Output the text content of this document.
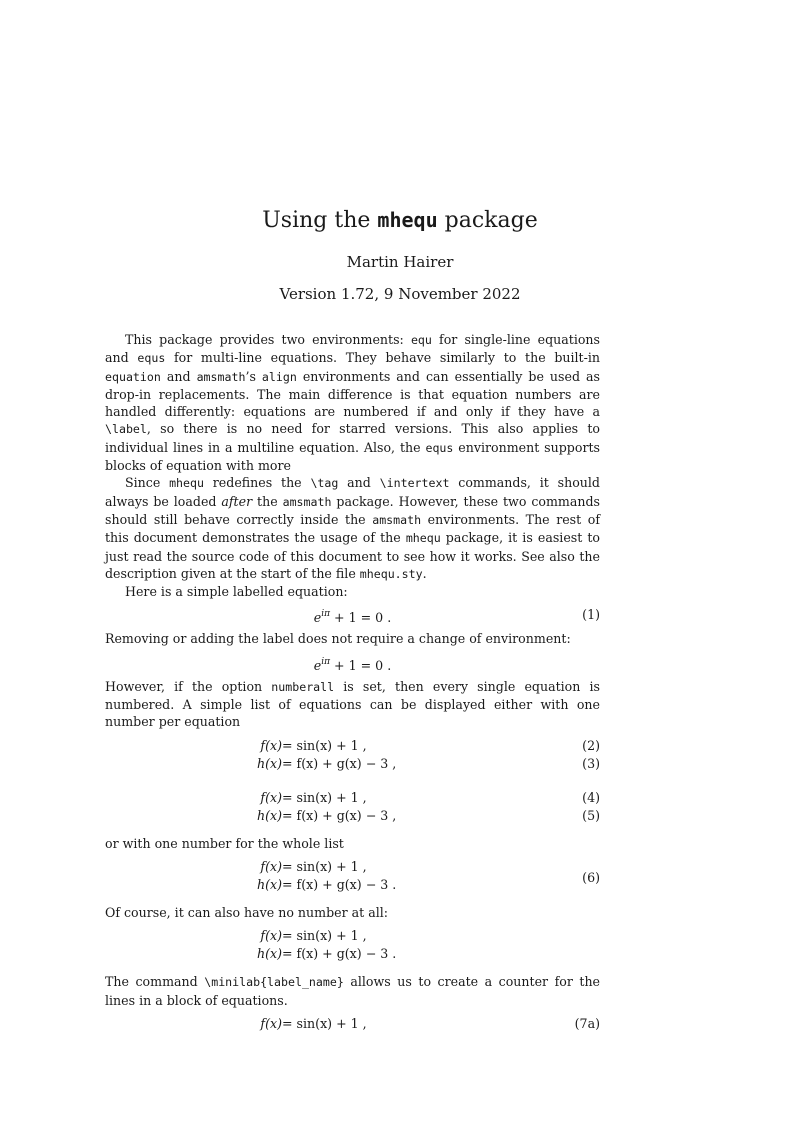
Using the mhequ package
Martin Hairer
Version 1.72, 9 November 2022

This package provides two environments: equ for single-line equations and equs for multi-line equations. They behave similarly to the built-in equation and amsmath’s align environments and can essentially be used as drop-in replacements. The main difference is that equation numbers are handled differently: equations are numbered if and only if they have a \label, so there is no need for starred versions. This also applies to individual lines in a multiline equation. Also, the equs environment supports blocks of equation with more

Since mhequ redefines the \tag and \intertext commands, it should always be loaded after the amsmath package. However, these two commands should still behave correctly inside the amsmath environments. The rest of this document demonstrates the usage of the mhequ package, it is easiest to just read the source code of this document to see how it works. See also the description given at the start of the file mhequ.sty.

Here is a simple labelled equation:

$e^{i\pi} + 1 = 0$ .	(1)

Removing or adding the label does not require a change of environment:

$e^{i\pi} + 1 = 0$ .

However, if the option numberall is set, then every single equation is numbered. A simple list of equations can be displayed either with one number per equation

f(x) = sin(x) + 1 ,	(2)
h(x) = f(x) + g(x) − 3 ,	(3)
f(x) = sin(x) + 1 ,	(4)
h(x) = f(x) + g(x) − 3 ,	(5)

or with one number for the whole list

f(x) = sin(x) + 1 ,
h(x) = f(x) + g(x) − 3 .	(6)

Of course, it can also have no number at all:

f(x) = sin(x) + 1 ,
h(x) = f(x) + g(x) − 3 .

The command \minilab{label_name} allows us to create a counter for the lines in a block of equations.

f(x) = sin(x) + 1 ,	(7a)
